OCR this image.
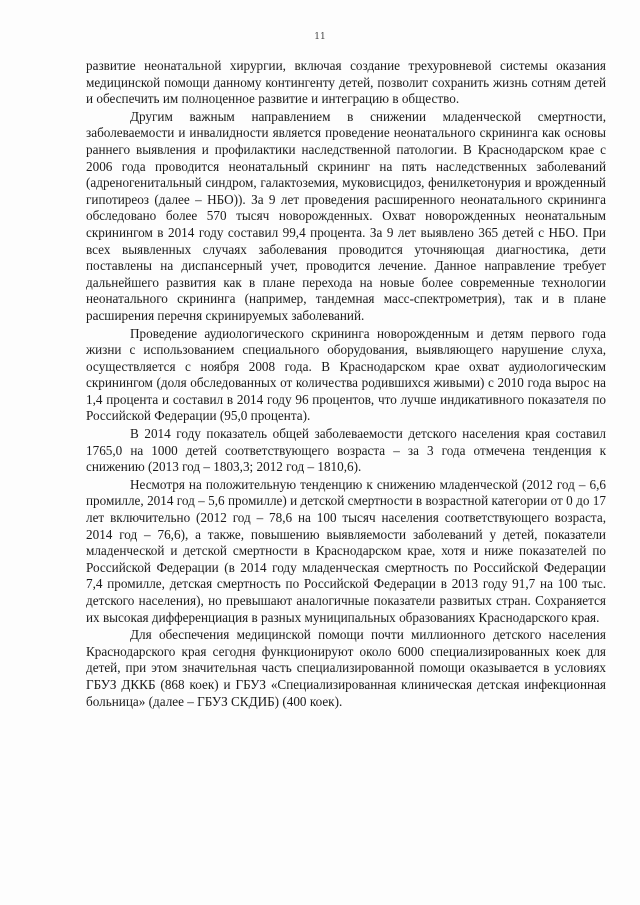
11

развитие неонатальной хирургии, включая создание трехуровневой системы оказания медицинской помощи данному контингенту детей, позволит сохранить жизнь сотням детей и обеспечить им полноценное развитие и интеграцию в общество.

Другим важным направлением в снижении младенческой смертности, заболеваемости и инвалидности является проведение неонатального скрининга как основы раннего выявления и профилактики наследственной патологии. В Краснодарском крае с 2006 года проводится неонатальный скрининг на пять наследственных заболеваний (адреногенитальный синдром, галактоземия, муковисцидоз, фенилкетонурия и врожденный гипотиреоз (далее – НБО)). За 9 лет проведения расширенного неонатального скрининга обследовано более 570 тысяч новорожденных. Охват новорожденных неонатальным скринингом в 2014 году составил 99,4 процента. За 9 лет выявлено 365 детей с НБО. При всех выявленных случаях заболевания проводится уточняющая диагностика, дети поставлены на диспансерный учет, проводится лечение. Данное направление требует дальнейшего развития как в плане перехода на новые более современные технологии неонатального скрининга (например, тандемная масс-спектрометрия), так и в плане расширения перечня скринируемых заболеваний.

Проведение аудиологического скрининга новорожденным и детям первого года жизни с использованием специального оборудования, выявляющего нарушение слуха, осуществляется с ноября 2008 года. В Краснодарском крае охват аудиологическим скринингом (доля обследованных от количества родившихся живыми) с 2010 года вырос на 1,4 процента и составил в 2014 году 96 процентов, что лучше индикативного показателя по Российской Федерации (95,0 процента).

В 2014 году показатель общей заболеваемости детского населения края составил 1765,0 на 1000 детей соответствующего возраста – за 3 года отмечена тенденция к снижению (2013 год – 1803,3; 2012 год – 1810,6).

Несмотря на положительную тенденцию к снижению младенческой (2012 год – 6,6 промилле, 2014 год – 5,6 промилле) и детской смертности в возрастной категории от 0 до 17 лет включительно (2012 год – 78,6 на 100 тысяч населения соответствующего возраста, 2014 год – 76,6), а также, повышению выявляемости заболеваний у детей, показатели младенческой и детской смертности в Краснодарском крае, хотя и ниже показателей по Российской Федерации (в 2014 году младенческая смертность по Российской Федерации 7,4 промилле, детская смертность по Российской Федерации в 2013 году 91,7 на 100 тыс. детского населения), но превышают аналогичные показатели развитых стран. Сохраняется их высокая дифференциация в разных муниципальных образованиях Краснодарского края.

Для обеспечения медицинской помощи почти миллионного детского населения Краснодарского края сегодня функционируют около 6000 специализированных коек для детей, при этом значительная часть специализированной помощи оказывается в условиях ГБУЗ ДККБ (868 коек) и ГБУЗ «Специализированная клиническая детская инфекционная больница» (далее – ГБУЗ СКДИБ) (400 коек).
